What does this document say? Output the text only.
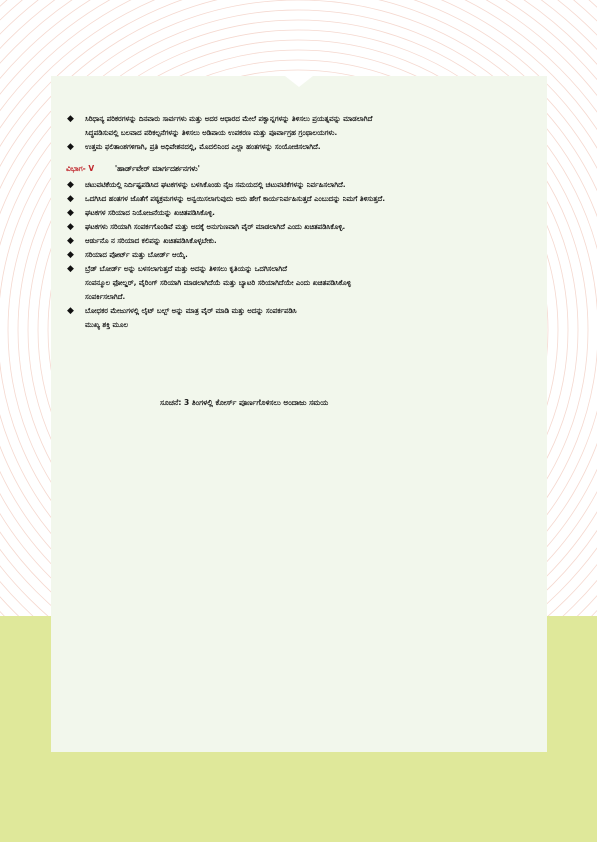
◆ ಸಿರಿಧಾನ್ಯ ಪರಿಕರಗಳನ್ನು ದಿನವಾರು ಸಾರ್ವಗಳು ಮತ್ತು ಅದರ ಆಧಾರದ ಮೇಲೆ ಪಕ್ವಾನ್ನಗಳನ್ನು ತಿಳಿಸಲು ಪ್ರಯತ್ನವನ್ನು ಮಾಡಲಾಗಿದೆ
ಸಿದ್ಧಪಡಿಸುವಲ್ಲಿ ಬಲವಾದ ಪರಿಕಲ್ಪನೆಗಳನ್ನು ತಿಳಿಸಲು ಅಡಿಪಾಯ ಉಪಕರಣ ಮತ್ತು ಪೂರ್ವಾಗ್ರಹ ಗ್ರಂಥಾಲಯಗಳು.
◆ ಉತ್ತಮ ಫಲಿತಾಂಶಗಳಿಗಾಗಿ, ಪ್ರತಿ ಅಧಿವೇಶನದಲ್ಲಿ, ಮೊದಲಿನಿಂದ ಎಲ್ಲಾ ಹಂತಗಳನ್ನು ಸಂಯೋಜಿಸಲಾಗಿದೆ.
ವಿಭಾಗ- V	'ಹಾರ್ಡ್‌ವೇರ್ ಮಾರ್ಗದರ್ಶನಗಳು'
◆ ಚಟುವಟಿಕೆಯಲ್ಲಿ ನಿರ್ದಿಷ್ಟಪಡಿಸಿದ ಘಟಕಗಳನ್ನು ಬಳಸಿಕೊಂಡು ನೈಜ ಸಮಯದಲ್ಲಿ ಚಟುವಟಿಕೆಗಳನ್ನು ನಿರ್ವಹಿಸಲಾಗಿದೆ.
◆ ಒದಗಿಸಿದ ಹಂತಗಳ ಜೊತೆಗೆ ಪಠ್ಯಕ್ರಮಗಳನ್ನು ಅನ್ವಯಿಸಲಾಗುವುದು ಅದು ಹೇಗೆ ಕಾರ್ಯನಿರ್ವಹಿಸುತ್ತದೆ ಎಂಬುದನ್ನು ನಿಮಗೆ ತಿಳಿಸುತ್ತದೆ.
◆ ಘಟಕಗಳ ಸರಿಯಾದ ನಿಯೋಜನೆಯನ್ನು ಖಚಿತಪಡಿಸಿಕೊಳ್ಳಿ.
◆ ಘಟಕಗಳು ಸರಿಯಾಗಿ ಸಂಪರ್ಕಗೊಂಡಿವೆ ಮತ್ತು ಅದಕ್ಕೆ ಅನುಗುಣವಾಗಿ ವೈರ್ ಮಾಡಲಾಗಿದೆ ಎಂದು ಖಚಿತಪಡಿಸಿಕೊಳ್ಳಿ.
◆ ಆರ್ಡುನೊ ನ ಸರಿಯಾದ ಕಲಿಪನ್ನು ಖಚಿತಪಡಿಸಿಕೊಳ್ಳಬೇಕು.
◆ ಸರಿಯಾದ ಪೋರ್ಟ್ ಮತ್ತು ಬೋರ್ಡ್ ಆಯ್ಕೆ.
◆ ಬ್ರೆಡ್ ಬೋರ್ಡ್ ಅನ್ನು ಬಳಸಲಾಗುತ್ತದೆ ಮತ್ತು ಅದನ್ನು ತಿಳಿಸಲು ಕೃತಿಯನ್ನು ಒದಗಿಸಲಾಗಿದೆ
ಸಂಪನ್ಮೂಲ ಫೋಲ್ಡರ್, ವೈರಿಂಗ್ ಸರಿಯಾಗಿ ಮಾಡಲಾಗಿದೆಯೆ ಮತ್ತು ಬ್ಯಾಟರಿ ಸರಿಯಾಗಿದೆಯೇ ಎಂದು ಖಚಿತಪಡಿಸಿಕೊಳ್ಳಿ
ಸಂಪರ್ಕಿಸಲಾಗಿದೆ.
◆ ಬೋಧಕರ ಮೇಜುಗಳಲ್ಲಿ ಲೈಟ್ ಬಲ್ಬ್ ಅನ್ನು ಮಾತ್ರ ವೈರ್ ಮಾಡಿ ಮತ್ತು ಅದನ್ನು ಸಂಪರ್ಕಪಡಿಸಿ
ಮುಖ್ಯ ಶಕ್ತಿ ಮೂಲ
ಸೂಚನೆ: 3 ತಿಂಗಳಲ್ಲಿ ಕೋರ್ಸ್ ಪೂರ್ಣಗೊಳಿಸಲು ಅಂದಾಜು ಸಮಯ
